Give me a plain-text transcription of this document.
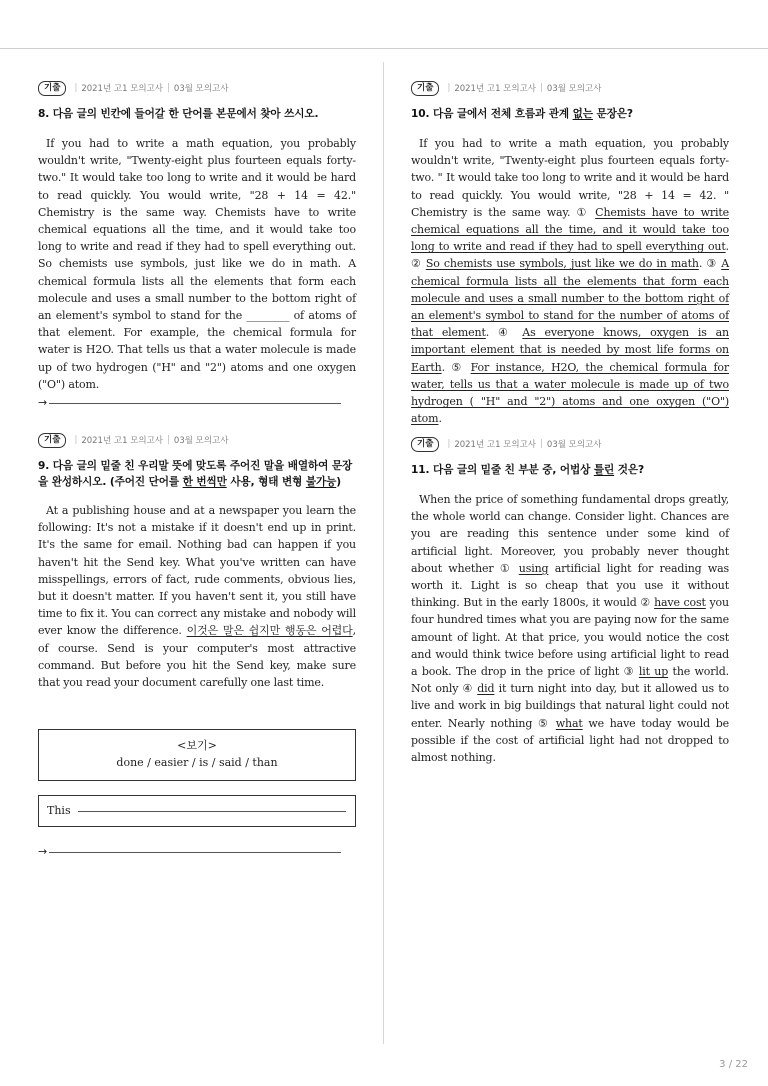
기출	| 2021년 고1 모의고사 | 03월 모의고사

8. 다음 글의 빈칸에 들어갈 한 단어를 본문에서 찾아 쓰시오.

If you had to write a math equation, you probably wouldn't write, "Twenty-eight plus fourteen equals forty-two." It would take too long to write and it would be hard to read quickly. You would write, "28 + 14 = 42." Chemistry is the same way. Chemists have to write chemical equations all the time, and it would take too long to write and read if they had to spell everything out. So chemists use symbols, just like we do in math. A chemical formula lists all the elements that form each molecule and uses a small number to the bottom right of an element's symbol to stand for the ________ of atoms of that element. For example, the chemical formula for water is H2O. That tells us that a water molecule is made up of two hydrogen ("H" and "2") atoms and one oxygen ("O") atom.

→
기출	| 2021년 고1 모의고사 | 03월 모의고사

9. 다음 글의 밑줄 친 우리말 뜻에 맞도록 주어진 말을 배열하여 문장을 완성하시오. (주어진 단어를 한 번씩만 사용, 형태 변형 불가능)

At a publishing house and at a newspaper you learn the following: It's not a mistake if it doesn't end up in print. It's the same for email. Nothing bad can happen if you haven't hit the Send key. What you've written can have misspellings, errors of fact, rude comments, obvious lies, but it doesn't matter. If you haven't sent it, you still have time to fix it. You can correct any mistake and nobody will ever know the difference. 이것은 말은 쉽지만 행동은 어렵다, of course. Send is your computer's most attractive command. But before you hit the Send key, make sure that you read your document carefully one last time.

<보기>
done / easier / is / said / than
This
→
기출	| 2021년 고1 모의고사 | 03월 모의고사

10. 다음 글에서 전체 흐름과 관계 없는 문장은?

If you had to write a math equation, you probably wouldn't write, "Twenty-eight plus fourteen equals forty-two. " It would take too long to write and it would be hard to read quickly. You would write, "28 + 14 = 42. " Chemistry is the same way. ① Chemists have to write chemical equations all the time, and it would take too long to write and read if they had to spell everything out. ② So chemists use symbols, just like we do in math. ③ A chemical formula lists all the elements that form each molecule and uses a small number to the bottom right of an element's symbol to stand for the number of atoms of that element. ④ As everyone knows, oxygen is an important element that is needed by most life forms on Earth. ⑤ For instance, H2O, the chemical formula for water, tells us that a water molecule is made up of two hydrogen ( "H" and "2") atoms and one oxygen ("O") atom.

기출	| 2021년 고1 모의고사 | 03월 모의고사

11. 다음 글의 밑줄 친 부분 중, 어법상 틀린 것은?

When the price of something fundamental drops greatly, the whole world can change. Consider light. Chances are you are reading this sentence under some kind of artificial light. Moreover, you probably never thought about whether ① using artificial light for reading was worth it. Light is so cheap that you use it without thinking. But in the early 1800s, it would ② have cost you four hundred times what you are paying now for the same amount of light. At that price, you would notice the cost and would think twice before using artificial light to read a book. The drop in the price of light ③ lit up the world. Not only ④ did it turn night into day, but it allowed us to live and work in big buildings that natural light could not enter. Nearly nothing ⑤ what we have today would be possible if the cost of artificial light had not dropped to almost nothing.

3 / 22
